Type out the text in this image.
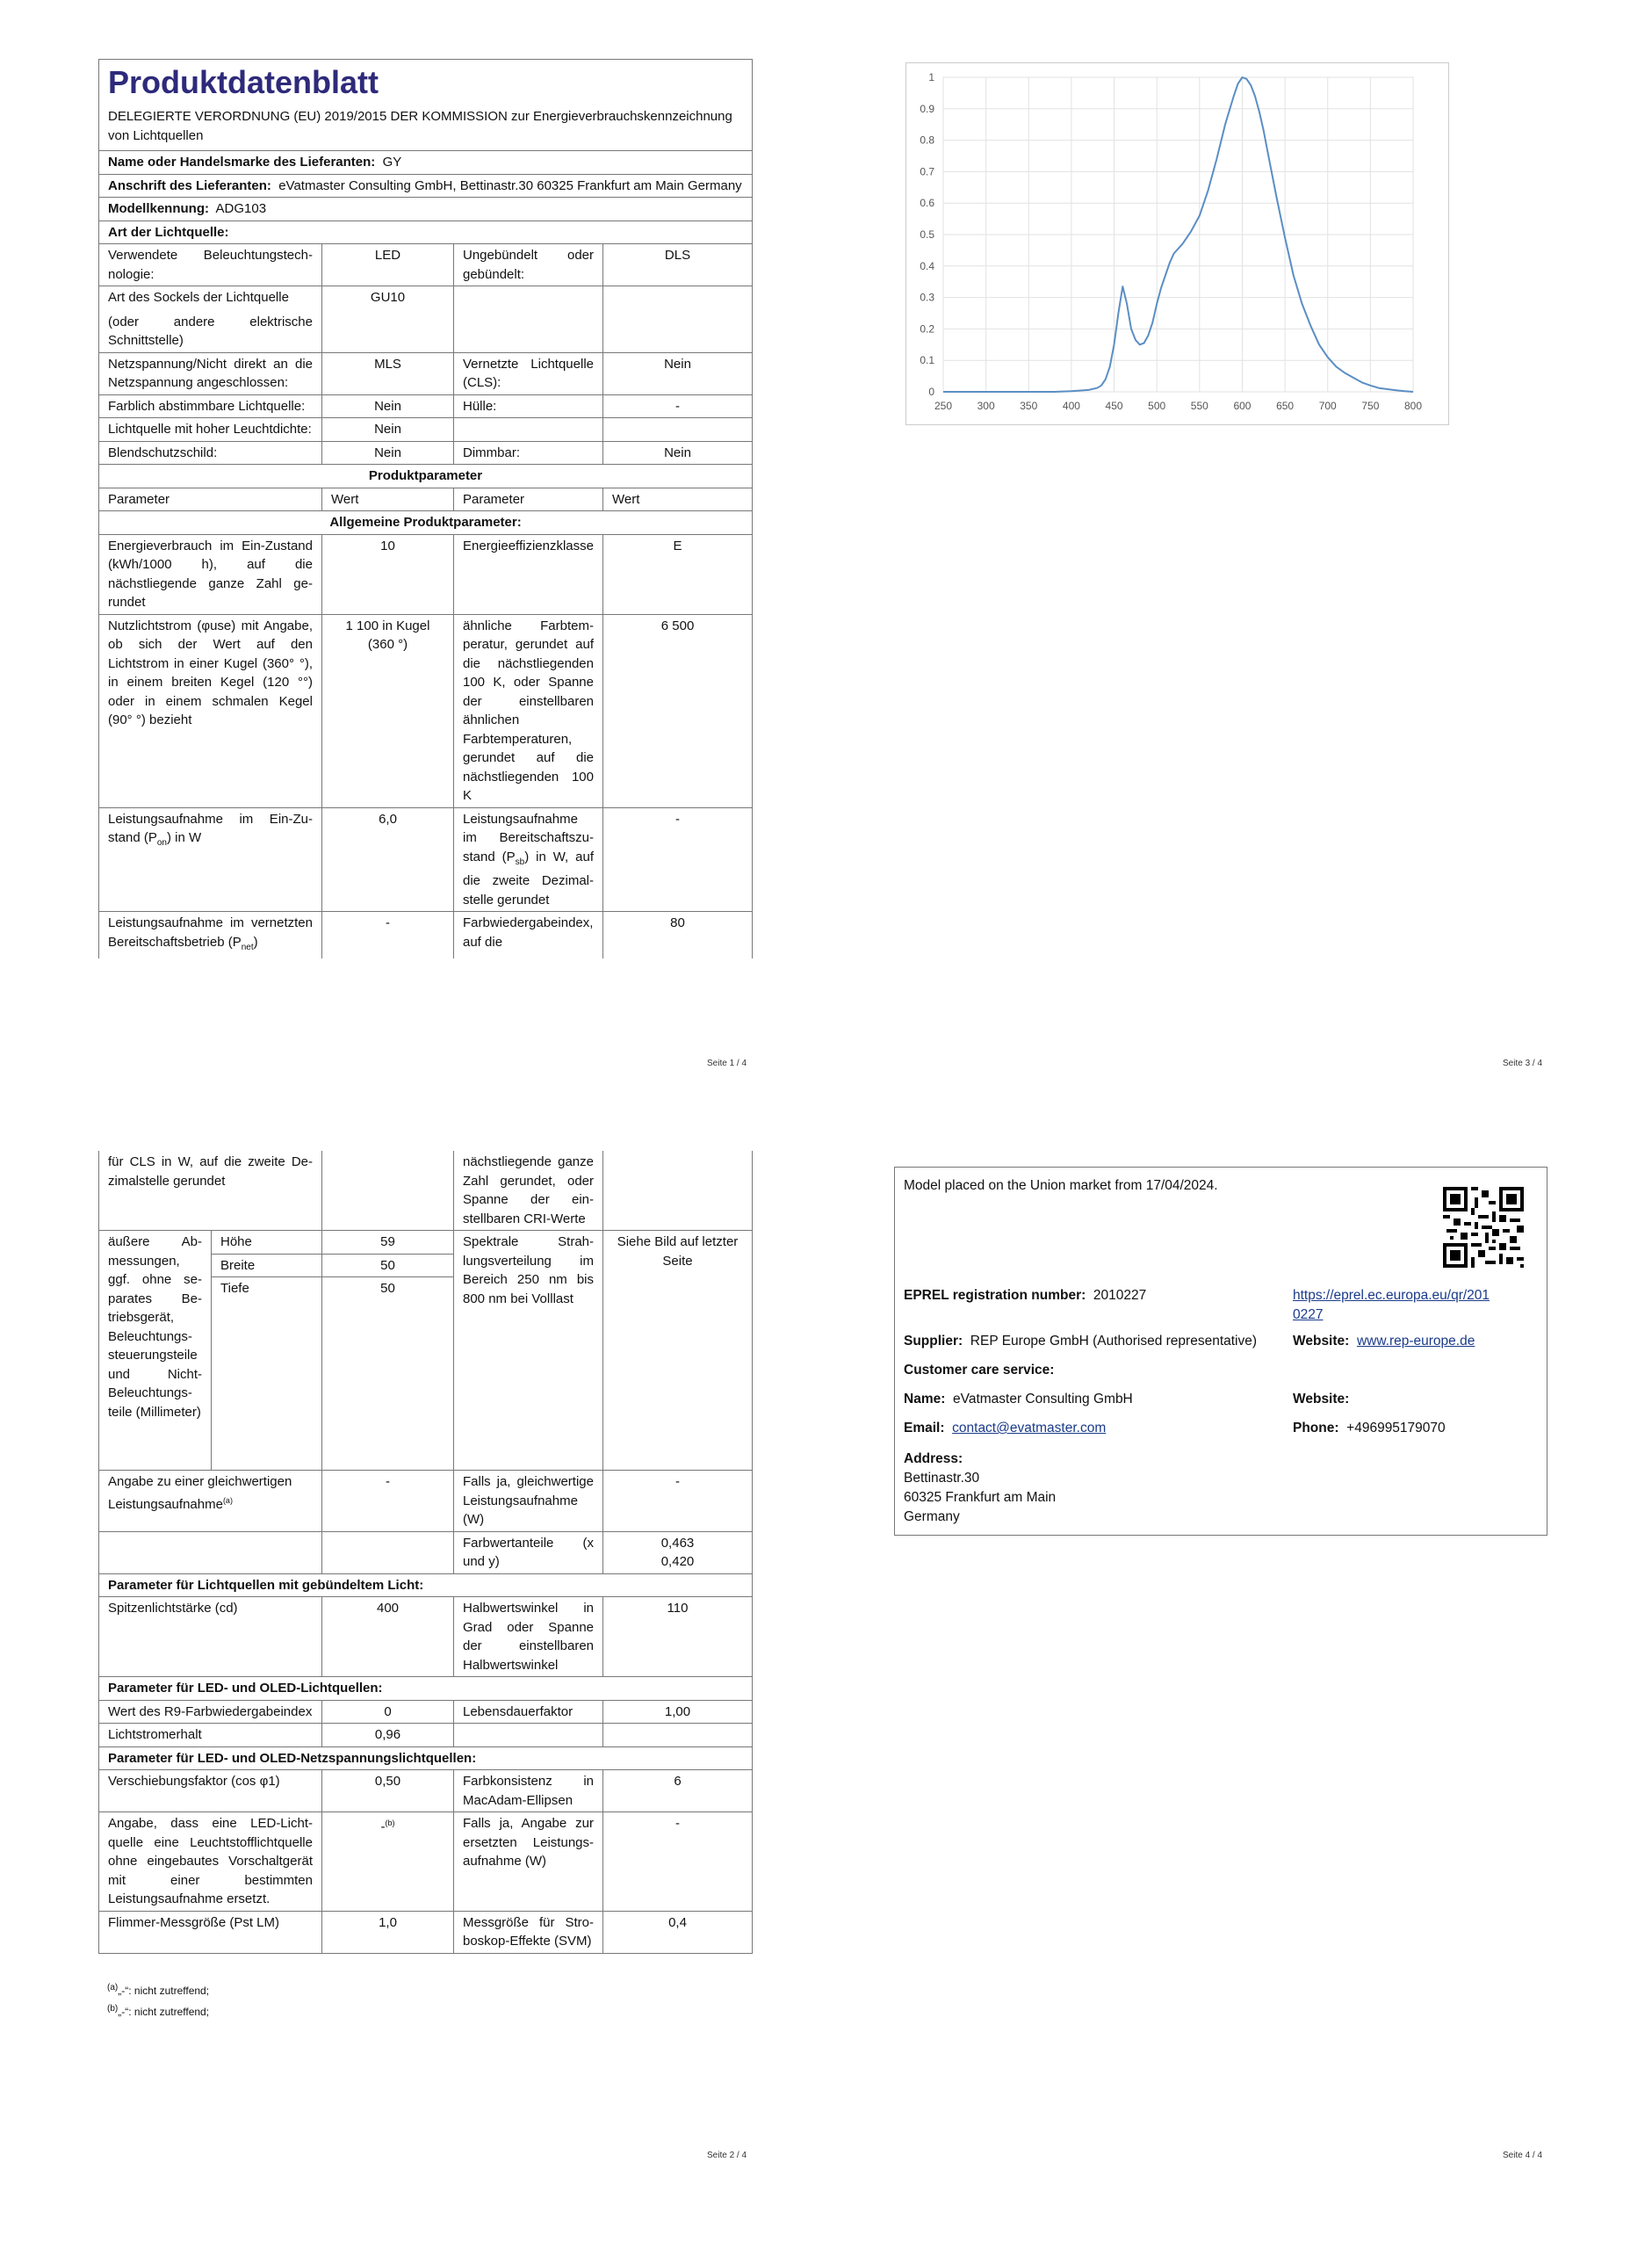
Produktdatenblatt
DELEGIERTE VERORDNUNG (EU) 2019/2015 DER KOMMISSION zur Energieverbrauchskennzeichnung von Lichtquellen			

Name oder Handelsmarke des Lieferanten: GY			
Anschrift des Lieferanten: eVatmaster Consulting GmbH, Bettinastr.30 60325 Frankfurt am Main Germany			
Modellkennung: ADG103			
Art der Lichtquelle:			
Verwendete Beleuchtungstechnologie:	LED	Ungebündelt oder gebündelt:	DLS

Art des Sockels der Lichtquelle
(oder andere elektrische Schnittstelle)	GU10		
Netzspannung/Nicht direkt an die Netzspannung angeschlossen:	MLS	Vernetzte Lichtquelle (CLS):	Nein
Farblich abstimmbare Lichtquelle:	Nein	Hülle:	-
Lichtquelle mit hoher Leuchtdichte:	Nein		
Blendschutzschild:	Nein	Dimmbar:	Nein
Produktparameter			
Parameter	Wert	Parameter	Wert
Allgemeine Produktparameter:			
Energieverbrauch im Ein-Zustand (kWh/1000 h), auf die nächstliegende ganze Zahl gerundet	10	Energieeffizienzklasse	E
Nutzlichtstrom (φuse) mit Angabe, ob sich der Wert auf den Lichtstrom in einer Kugel (360° °), in einem breiten Kegel (120 °°) oder in einem schmalen Kegel (90° °) bezieht	1 100 in Kugel (360 °)	ähnliche Farbtemperatur, gerundet auf die nächstliegenden 100 K, oder Spanne der einstellbaren ähnlichen Farbtemperaturen, gerundet auf die nächstliegenden 100 K	6 500
Leistungsaufnahme im Ein-Zustand $(P_{on})$ in W	6,0	Leistungsaufnahme im Bereitschaftszustand $(P_{sb})$ in W, auf die zweite Dezimalstelle gerundet	-
Leistungsaufnahme im vernetzten Bereitschaftsbetrieb $(P_{net})$	-	Farbwiedergabeindex, auf die	80
Seite 1 / 4
für CLS in W, auf die zweite Dezimalstelle gerundet			nächstliegende ganze Zahl gerundet, oder Spanne der einstellbaren CRI-Werte	
äußere Abmessungen, ggf. ohne separates Betriebsgerät, Beleuchtungssteuerungsteile und Nicht-Beleuchtungsteile (Millimeter)	Höhe	59	Spektrale Strahlungsverteilung im Bereich 250 nm bis 800 nm bei Volllast	Siehe Bild auf letzter Seite
	Breite	50		
	Tiefe	50		
Angabe zu einer gleichwertigen Leistungsaufnahme$^{(a)}$		-	Falls ja, gleichwertige Leistungsaufnahme (W)	-
			Farbwertanteile (x und y)	0,463
0,420

Parameter für Lichtquellen mit gebündeltem Licht:				
Spitzenlichtstärke (cd)		400	Halbwertswinkel in Grad oder Spanne der einstellbaren Halbwertswinkel	110
Parameter für LED- und OLED-Lichtquellen:				
Wert des R9-Farbwiedergabeindex		0	Lebensdauerfaktor	1,00
Lichtstromerhalt		0,96		
Parameter für LED- und OLED-Netzspannungslichtquellen:				
Verschiebungsfaktor (cos φ1)		0,50	Farbkonsistenz in MacAdam-Ellipsen	6
Angabe, dass eine LED-Lichtquelle eine Leuchtstofflichtquelle ohne eingebautes Vorschaltgerät mit einer bestimmten Leistungsaufnahme ersetzt.		-$^{(b)}$	Falls ja, Angabe zur ersetzten Leistungsaufnahme (W)	-
Flimmer-Messgröße (Pst LM)		1,0	Messgröße für Stroboskop-Effekte (SVM)	0,4
$^{(a)}$„-“: nicht zutreffend;
$^{(b)}$„-“: nicht zutreffend;
Seite 2 / 4
0
0.1
0.2
0.3
0.4
0.5
0.6
0.7
0.8
0.9
1
250 300 350 400 450 500 550 600 650 700 750 800
Seite 3 / 4
Model placed on the Union market from 17/04/2024.
EPREL registration number: 2010227	https://eprel.ec.europa.eu/qr/2010227
Supplier: REP Europe GmbH (Authorised representative)	Website: www.rep-europe.de
Customer care service:
Name: eVatmaster Consulting GmbH	Website:
Email: contact@evatmaster.com	Phone: +496995179070
Address:
Bettinastr.30
60325 Frankfurt am Main
Germany
Seite 4 / 4
